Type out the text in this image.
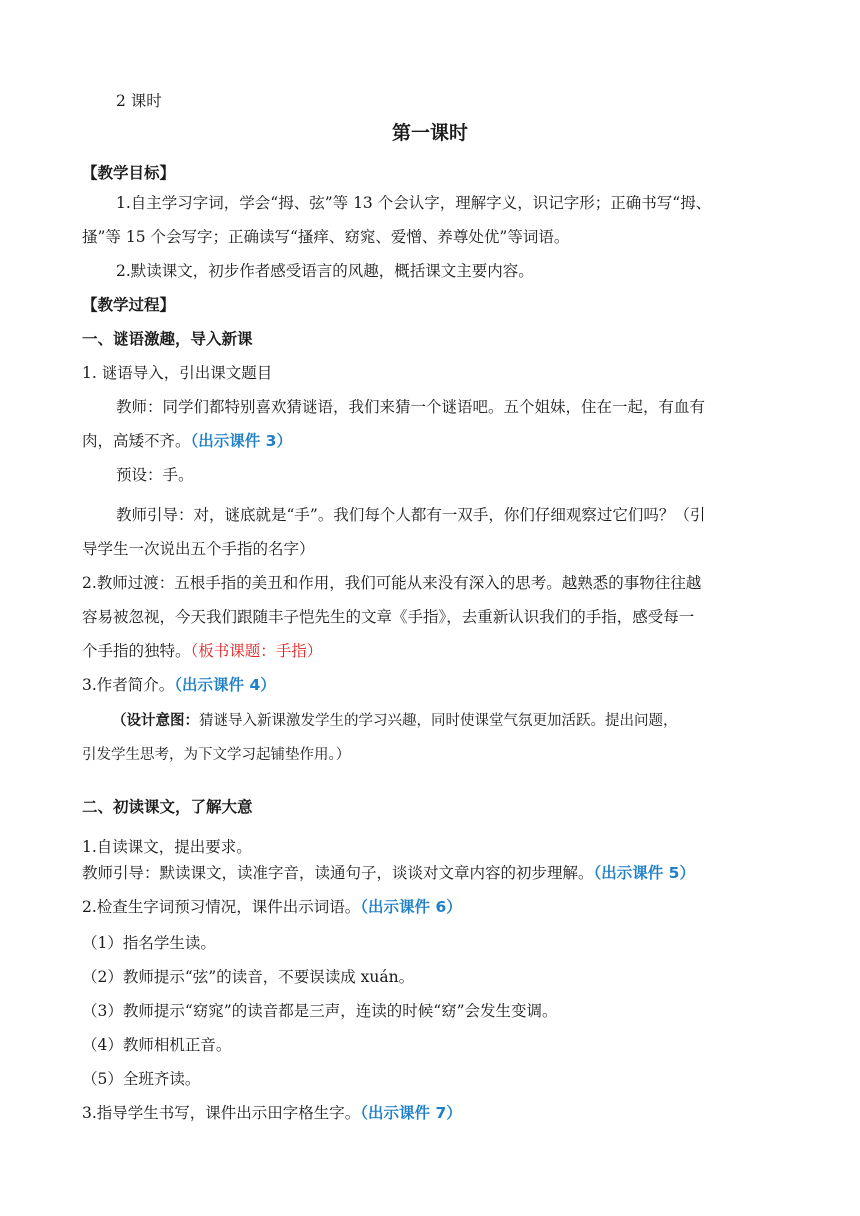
2 课时
第一课时
【教学目标】
1.自主学习字词，学会“拇、弦”等 13 个会认字，理解字义，识记字形；正确书写“拇、
搔”等 15 个会写字；正确读写“搔痒、窈窕、爱憎、养尊处优”等词语。
2.默读课文，初步作者感受语言的风趣，概括课文主要内容。
【教学过程】
一、谜语激趣，导入新课
1. 谜语导入，引出课文题目
教师：同学们都特别喜欢猜谜语，我们来猜一个谜语吧。五个姐妹，住在一起，有血有
肉，高矮不齐。（出示课件 3）
预设：手。
教师引导：对，谜底就是“手”。我们每个人都有一双手，你们仔细观察过它们吗？（引
导学生一次说出五个手指的名字）
2.教师过渡：五根手指的美丑和作用，我们可能从来没有深入的思考。越熟悉的事物往往越
容易被忽视，今天我们跟随丰子恺先生的文章《手指》，去重新认识我们的手指，感受每一
个手指的独特。（板书课题：手指）
3.作者简介。（出示课件 4）
（设计意图：猜谜导入新课激发学生的学习兴趣，同时使课堂气氛更加活跃。提出问题，
引发学生思考，为下文学习起铺垫作用。）
二、初读课文，了解大意
1.自读课文，提出要求。
教师引导：默读课文，读准字音，读通句子，谈谈对文章内容的初步理解。（出示课件 5）
2.检查生字词预习情况，课件出示词语。（出示课件 6）
（1）指名学生读。
（2）教师提示“弦”的读音，不要误读成 xuán。
（3）教师提示“窈窕”的读音都是三声，连读的时候“窈”会发生变调。
（4）教师相机正音。
（5）全班齐读。
3.指导学生书写，课件出示田字格生字。（出示课件 7）
